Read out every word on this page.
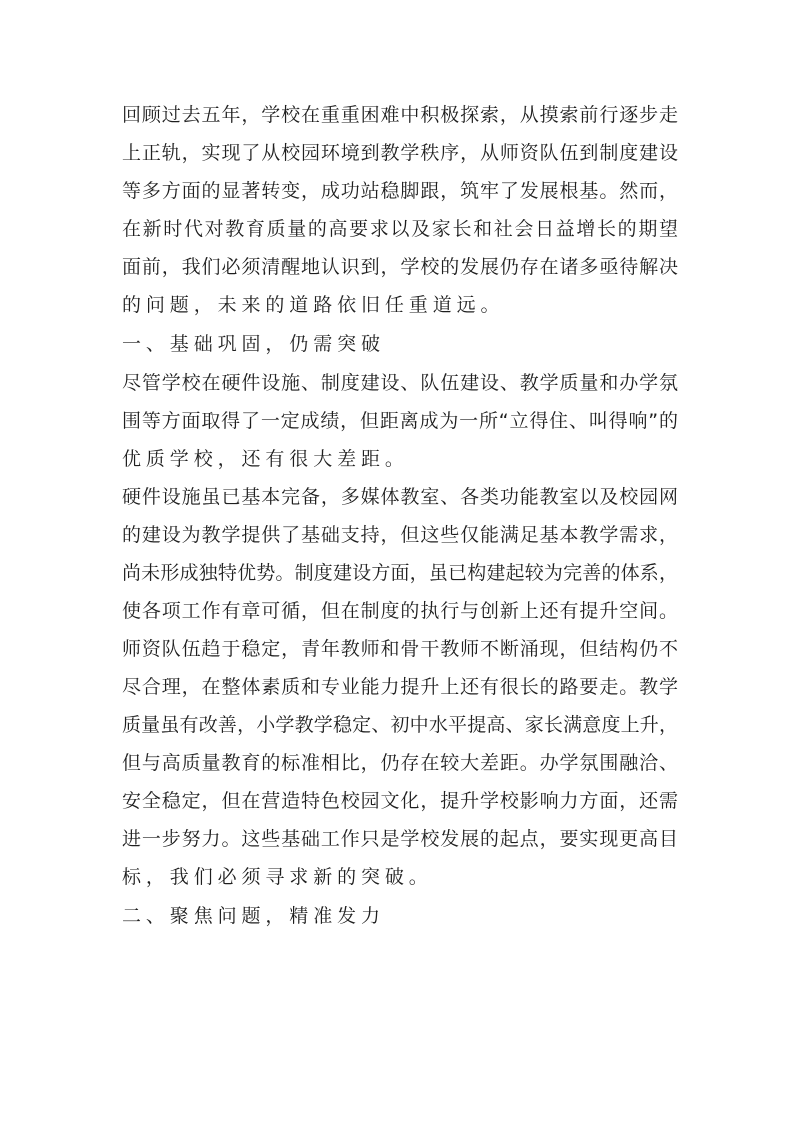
回顾过去五年，学校在重重困难中积极探索，从摸索前行逐步走
上正轨，实现了从校园环境到教学秩序，从师资队伍到制度建设
等多方面的显著转变，成功站稳脚跟，筑牢了发展根基。然而，
在新时代对教育质量的高要求以及家长和社会日益增长的期望
面前，我们必须清醒地认识到，学校的发展仍存在诸多亟待解决
的问题，未来的道路依旧任重道远。
一、基础巩固，仍需突破
尽管学校在硬件设施、制度建设、队伍建设、教学质量和办学氛
围等方面取得了一定成绩，但距离成为一所“立得住、叫得响”的
优质学校，还有很大差距。
硬件设施虽已基本完备，多媒体教室、各类功能教室以及校园网
的建设为教学提供了基础支持，但这些仅能满足基本教学需求，
尚未形成独特优势。制度建设方面，虽已构建起较为完善的体系，
使各项工作有章可循，但在制度的执行与创新上还有提升空间。
师资队伍趋于稳定，青年教师和骨干教师不断涌现，但结构仍不
尽合理，在整体素质和专业能力提升上还有很长的路要走。教学
质量虽有改善，小学教学稳定、初中水平提高、家长满意度上升，
但与高质量教育的标准相比，仍存在较大差距。办学氛围融洽、
安全稳定，但在营造特色校园文化，提升学校影响力方面，还需
进一步努力。这些基础工作只是学校发展的起点，要实现更高目
标，我们必须寻求新的突破。
二、聚焦问题，精准发力
